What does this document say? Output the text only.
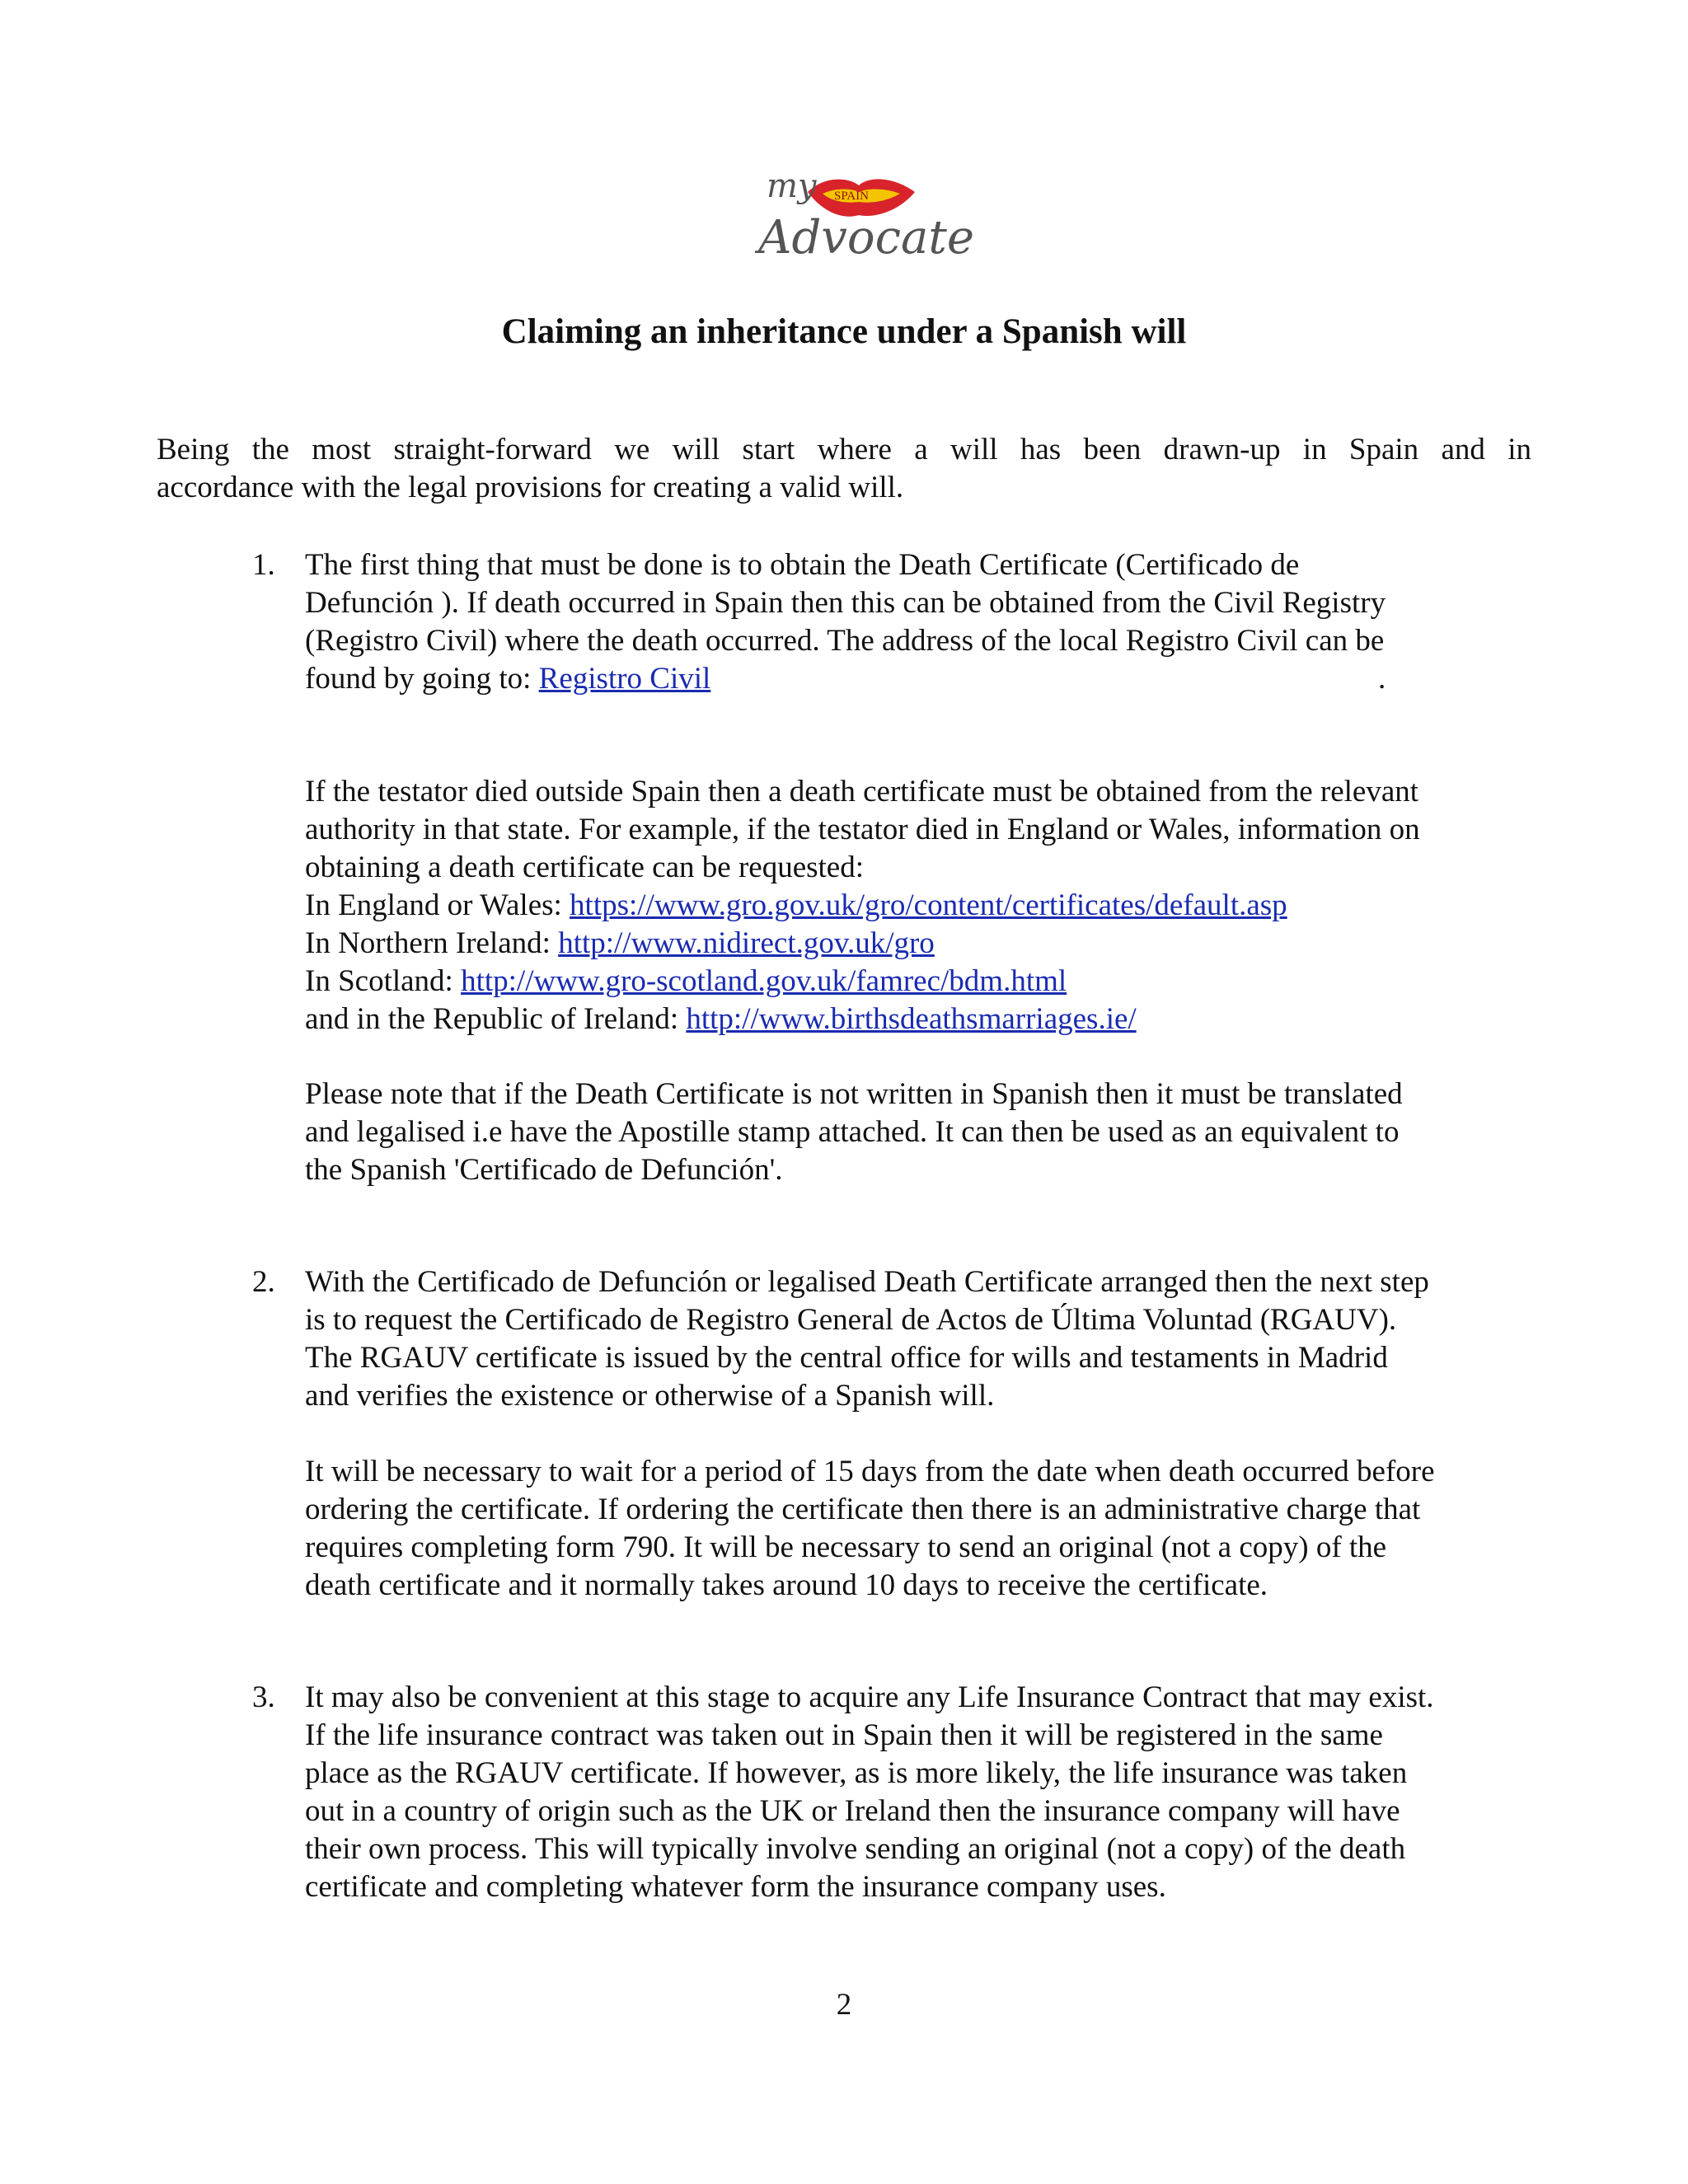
my SPAIN
Advocate
Claiming an inheritance under a Spanish will
Being the most straight-forward we will start where a will has been drawn-up in Spain and in
accordance with the legal provisions for creating a valid will.
1. The first thing that must be done is to obtain the Death Certificate (Certificado de
Defunción ). If death occurred in Spain then this can be obtained from the Civil Registry
(Registro Civil) where the death occurred. The address of the local Registro Civil can be
found by going to: Registro Civil	.
If the testator died outside Spain then a death certificate must be obtained from the relevant
authority in that state. For example, if the testator died in England or Wales, information on
obtaining a death certificate can be requested:
In England or Wales: https://www.gro.gov.uk/gro/content/certificates/default.asp
In Northern Ireland: http://www.nidirect.gov.uk/gro
In Scotland: http://www.gro-scotland.gov.uk/famrec/bdm.html
and in the Republic of Ireland: http://www.birthsdeathsmarriages.ie/
Please note that if the Death Certificate is not written in Spanish then it must be translated
and legalised i.e have the Apostille stamp attached. It can then be used as an equivalent to
the Spanish 'Certificado de Defunción'.
2. With the Certificado de Defunción or legalised Death Certificate arranged then the next step
is to request the Certificado de Registro General de Actos de Última Voluntad (RGAUV).
The RGAUV certificate is issued by the central office for wills and testaments in Madrid
and verifies the existence or otherwise of a Spanish will.
It will be necessary to wait for a period of 15 days from the date when death occurred before
ordering the certificate. If ordering the certificate then there is an administrative charge that
requires completing form 790. It will be necessary to send an original (not a copy) of the
death certificate and it normally takes around 10 days to receive the certificate.
3. It may also be convenient at this stage to acquire any Life Insurance Contract that may exist.
If the life insurance contract was taken out in Spain then it will be registered in the same
place as the RGAUV certificate. If however, as is more likely, the life insurance was taken
out in a country of origin such as the UK or Ireland then the insurance company will have
their own process. This will typically involve sending an original (not a copy) of the death
certificate and completing whatever form the insurance company uses.
2
